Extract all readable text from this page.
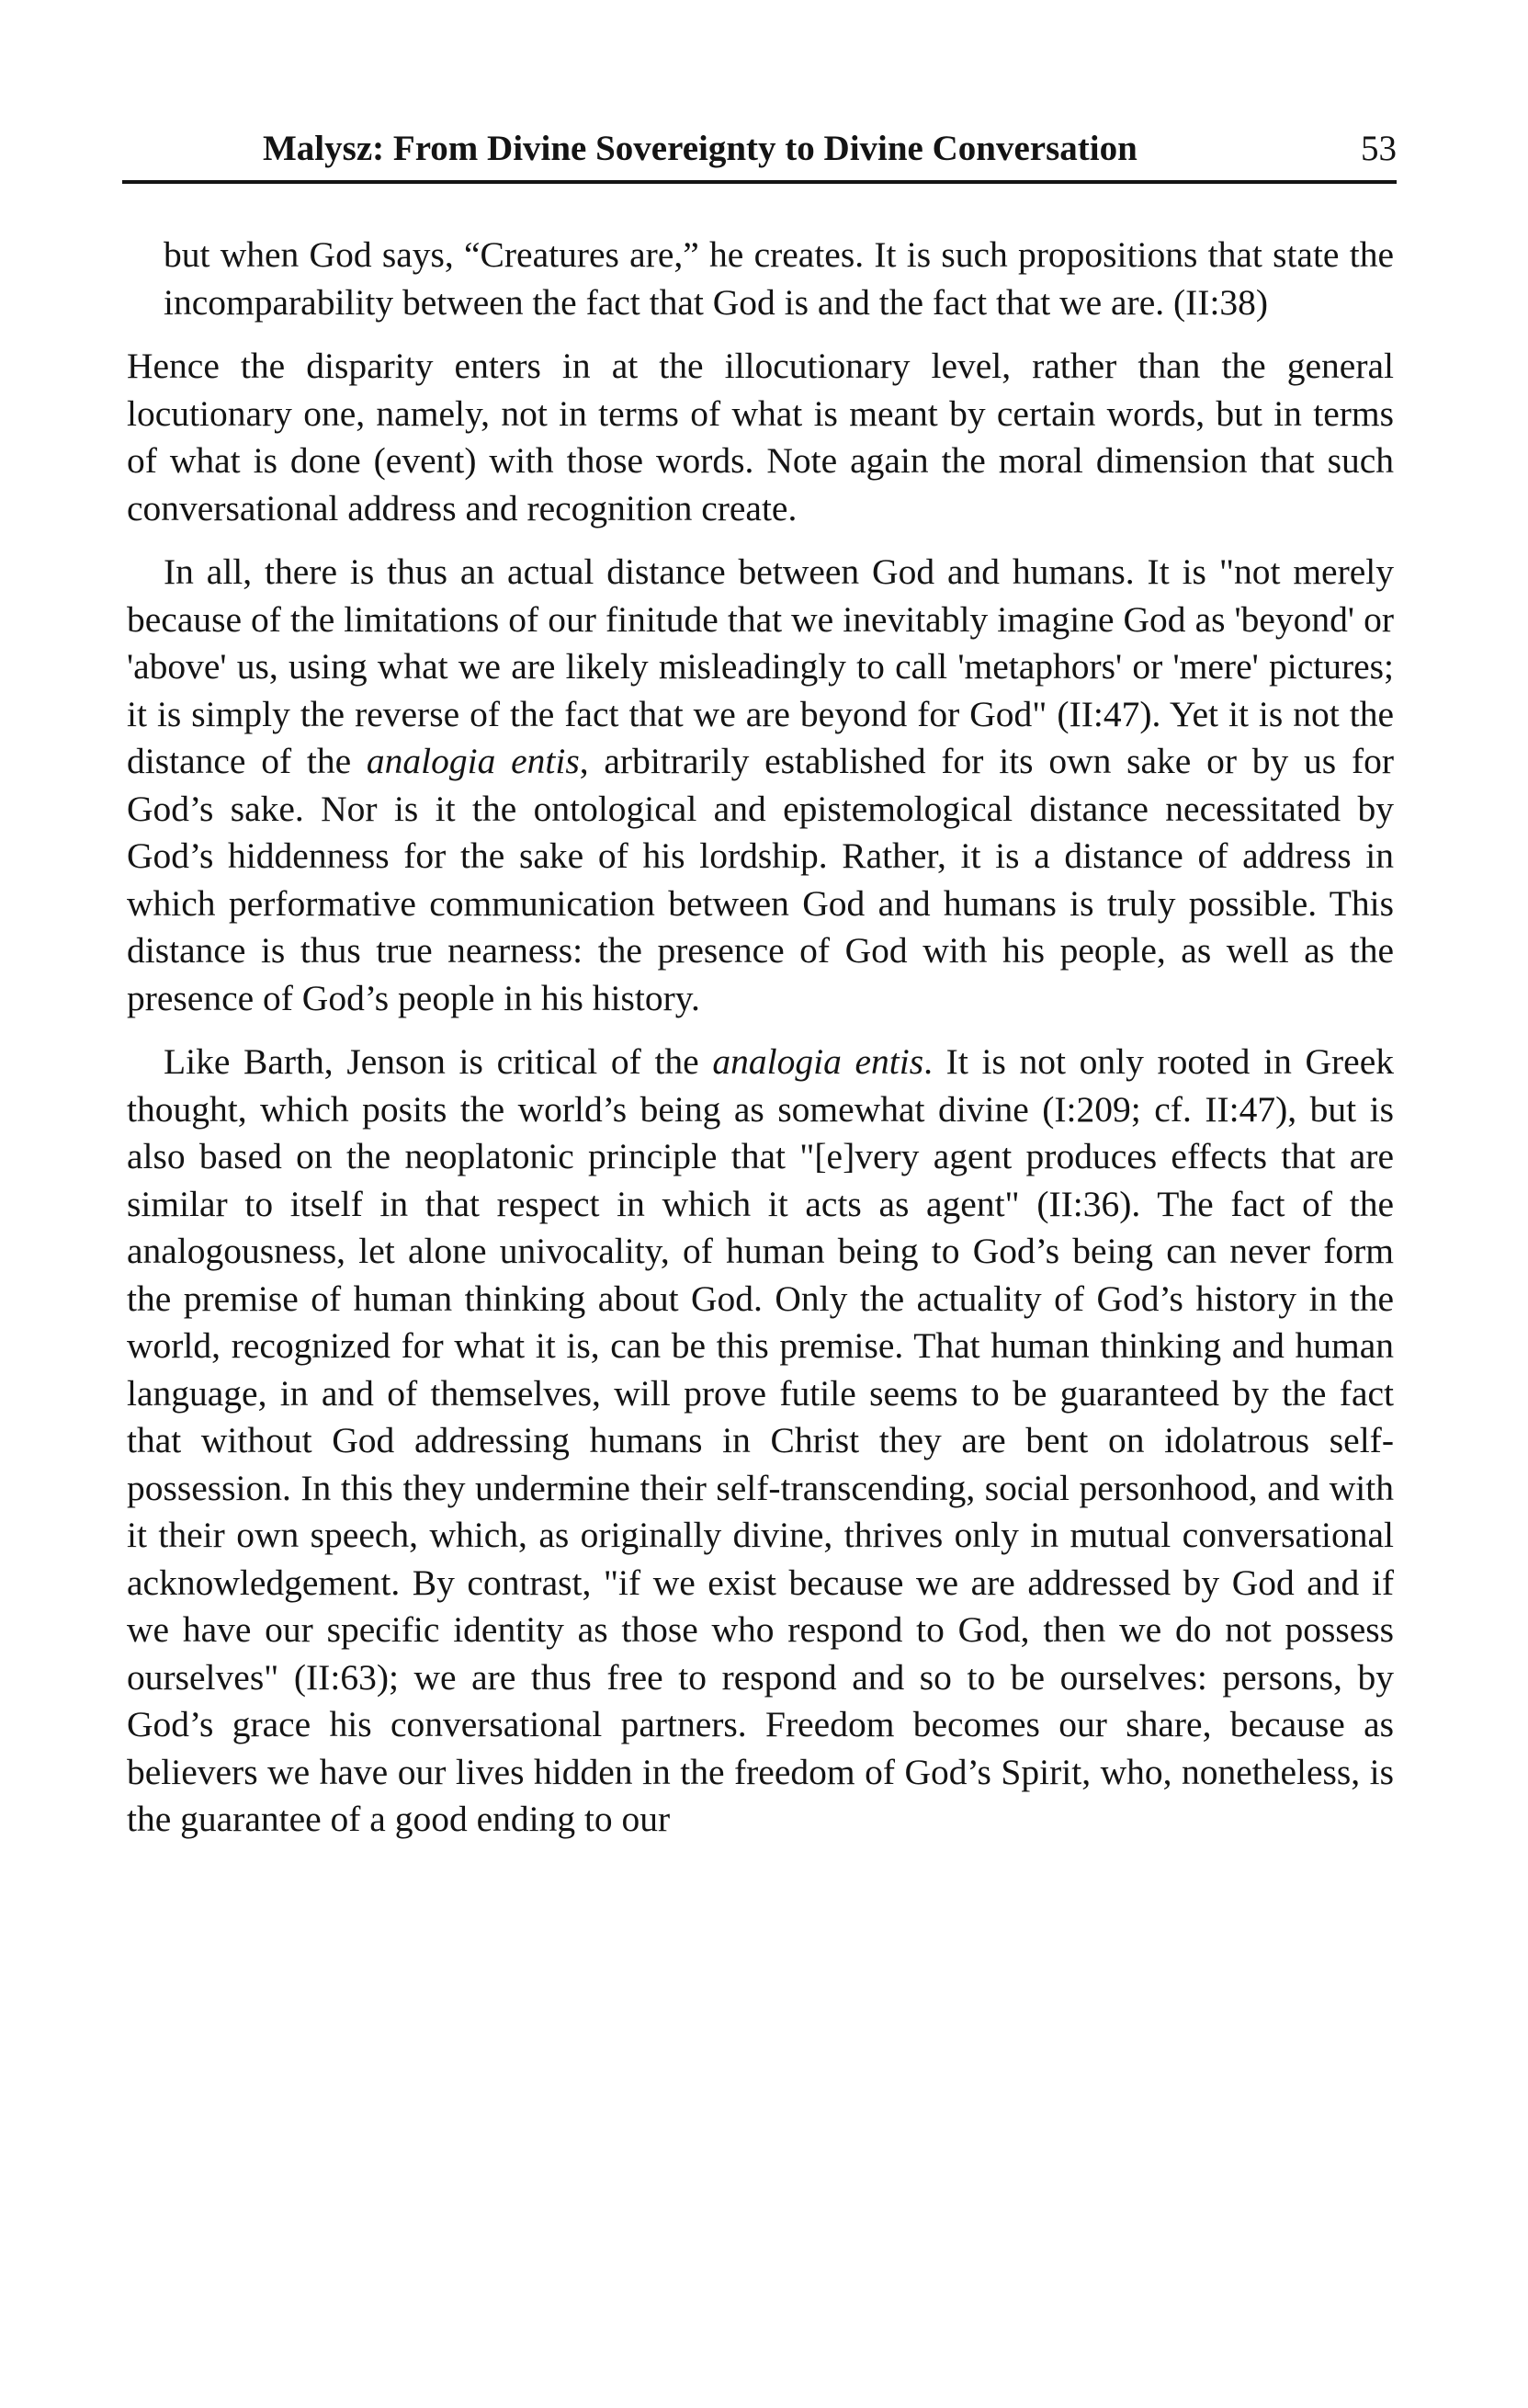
Malysz: From Divine Sovereignty to Divine Conversation	53

but when God says, “Creatures are,” he creates. It is such propositions that state the incomparability between the fact that God is and the fact that we are. (II:38)

Hence the disparity enters in at the illocutionary level, rather than the general locutionary one, namely, not in terms of what is meant by certain words, but in terms of what is done (event) with those words. Note again the moral dimension that such conversational address and recognition create.

In all, there is thus an actual distance between God and humans. It is "not merely because of the limitations of our finitude that we inevitably imagine God as 'beyond' or 'above' us, using what we are likely misleadingly to call 'metaphors' or 'mere' pictures; it is simply the reverse of the fact that we are beyond for God" (II:47). Yet it is not the distance of the analogia entis, arbitrarily established for its own sake or by us for God’s sake. Nor is it the ontological and epistemological distance necessitated by God’s hiddenness for the sake of his lordship. Rather, it is a distance of address in which performative communication between God and humans is truly possible. This distance is thus true nearness: the presence of God with his people, as well as the presence of God’s people in his history.

Like Barth, Jenson is critical of the analogia entis. It is not only rooted in Greek thought, which posits the world’s being as somewhat divine (I:209; cf. II:47), but is also based on the neoplatonic principle that "[e]very agent produces effects that are similar to itself in that respect in which it acts as agent" (II:36). The fact of the analogousness, let alone univocality, of human being to God’s being can never form the premise of human thinking about God. Only the actuality of God’s history in the world, recognized for what it is, can be this premise. That human thinking and human language, in and of themselves, will prove futile seems to be guaranteed by the fact that without God addressing humans in Christ they are bent on idolatrous self-possession. In this they undermine their self-transcending, social personhood, and with it their own speech, which, as originally divine, thrives only in mutual conversational acknowledgement. By contrast, "if we exist because we are addressed by God and if we have our specific identity as those who respond to God, then we do not possess ourselves" (II:63); we are thus free to respond and so to be ourselves: persons, by God’s grace his conversational partners. Freedom becomes our share, because as believers we have our lives hidden in the freedom of God’s Spirit, who, nonetheless, is the guarantee of a good ending to our
